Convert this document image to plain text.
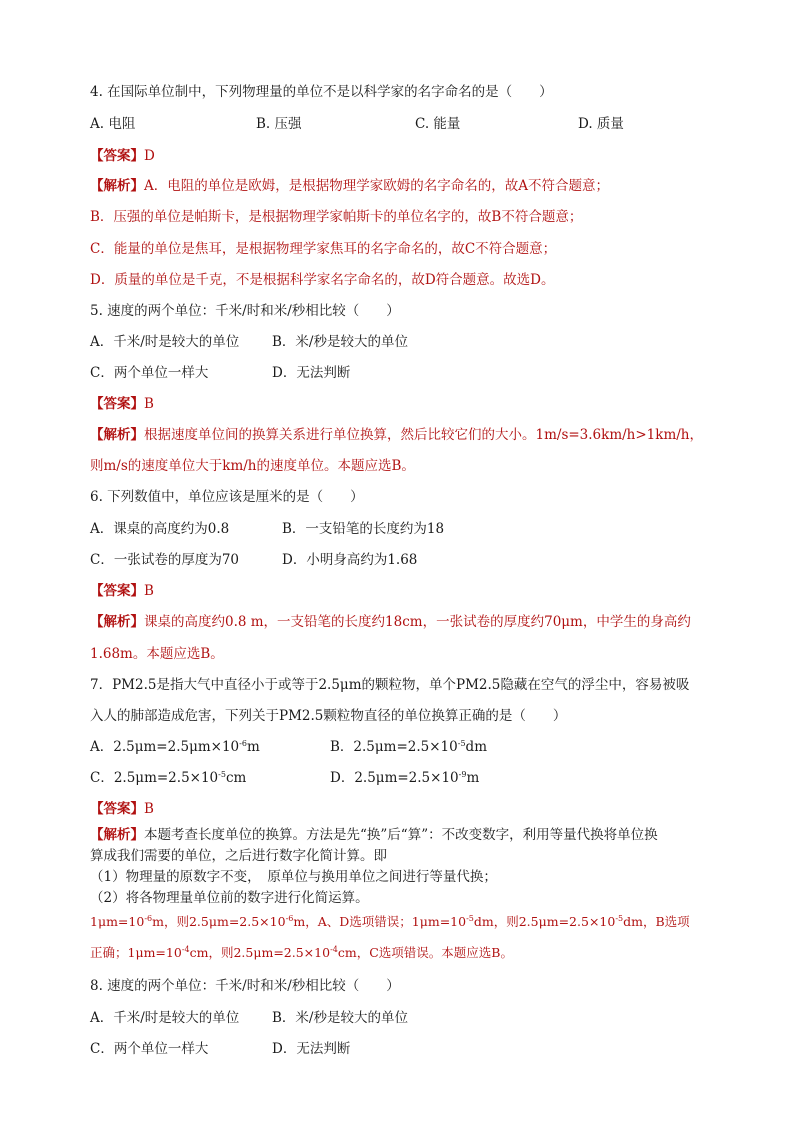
4. 在国际单位制中，下列物理量的单位不是以科学家的名字命名的是（　　）
A. 电阻	B. 压强	C. 能量	D. 质量
【答案】D
【解析】A．电阻的单位是欧姆，是根据物理学家欧姆的名字命名的，故A不符合题意；
B．压强的单位是帕斯卡，是根据物理学家帕斯卡的单位名字的，故B不符合题意；
C．能量的单位是焦耳，是根据物理学家焦耳的名字命名的，故C不符合题意；
D．质量的单位是千克，不是根据科学家名字命名的，故D符合题意。故选D。
5. 速度的两个单位：千米/时和米/秒相比较（　　）
A．千米/时是较大的单位 B．米/秒是较大的单位
C．两个单位一样大	D．无法判断
【答案】B
【解析】根据速度单位间的换算关系进行单位换算，然后比较它们的大小。1m/s=3.6km/h>1km/h，
则m/s的速度单位大于km/h的速度单位。本题应选B。
6. 下列数值中，单位应该是厘米的是（　　）
A．课桌的高度约为0.8	B．一支铅笔的长度约为18
C．一张试卷的厚度为70	D．小明身高约为1.68
【答案】B
【解析】课桌的高度约0.8 m，一支铅笔的长度约18cm，一张试卷的厚度约70μm，中学生的身高约
1.68m。本题应选B。
7．PM2.5是指大气中直径小于或等于2.5μm的颗粒物，单个PM2.5隐藏在空气的浮尘中，容易被吸
入人的肺部造成危害，下列关于PM2.5颗粒物直径的单位换算正确的是（　　）
A．$2.5\mu m=2.5\mu m\times 10^{-6}m$	B．$2.5\mu m=2.5\times 10^{-5}dm$
C．$2.5\mu m=2.5\times 10^{-5}cm$	D．$2.5\mu m=2.5\times 10^{-9}m$
【答案】B
【解析】本题考查长度单位的换算。方法是先“换”后“算”：不改变数字，利用等量代换将单位换
算成我们需要的单位，之后进行数字化简计算。即
（1）物理量的原数字不变，　原单位与换用单位之间进行等量代换；
（2）将各物理量单位前的数字进行化简运算。
$1\mu m=10^{-6}m$，则$2.5\mu m=2.5\times 10^{-6}m$，A、D选项错误；$1\mu m=10^{-5}dm$，则$2.5\mu m=2.5\times 10^{-5}dm$，B选项
正确；$1\mu m=10^{-4}cm$，则$2.5\mu m=2.5\times 10^{-4}cm$，C选项错误。本题应选B。
8. 速度的两个单位：千米/时和米/秒相比较（　　）
A．千米/时是较大的单位 B．米/秒是较大的单位
C．两个单位一样大	D．无法判断
